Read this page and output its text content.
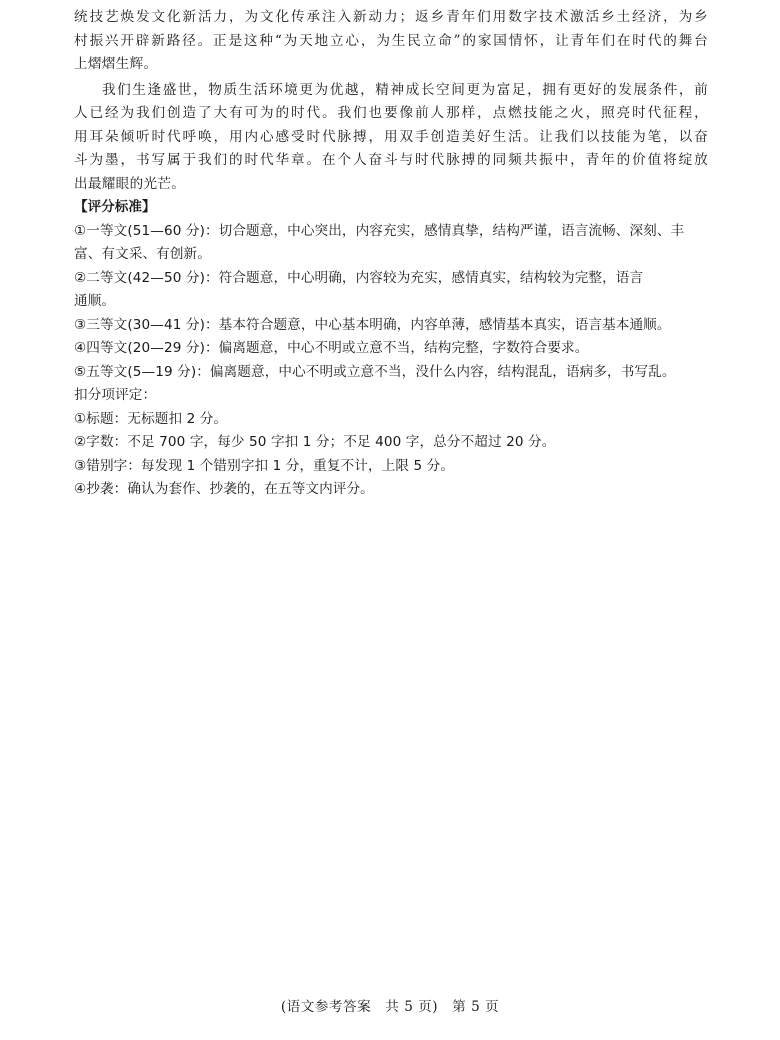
统技艺焕发文化新活力，为文化传承注入新动力；返乡青年们用数字技术激活乡土经济，为乡
村振兴开辟新路径。正是这种“为天地立心，为生民立命”的家国情怀，让青年们在时代的舞台
上熠熠生辉。

我们生逢盛世，物质生活环境更为优越，精神成长空间更为富足，拥有更好的发展条件，前
人已经为我们创造了大有可为的时代。我们也要像前人那样，点燃技能之火，照亮时代征程，
用耳朵倾听时代呼唤，用内心感受时代脉搏，用双手创造美好生活。让我们以技能为笔，以奋
斗为墨，书写属于我们的时代华章。在个人奋斗与时代脉搏的同频共振中，青年的价值将绽放
出最耀眼的光芒。

【评分标准】

①一等文(51—60 分)：切合题意，中心突出，内容充实，感情真挚，结构严谨，语言流畅、深刻、丰
富、有文采、有创新。
②二等文(42—50 分)：符合题意，中心明确，内容较为充实，感情真实，结构较为完整，语言
通顺。
③三等文(30—41 分)：基本符合题意，中心基本明确，内容单薄，感情基本真实，语言基本通顺。
④四等文(20—29 分)：偏离题意，中心不明或立意不当，结构完整，字数符合要求。
⑤五等文(5—19 分)：偏离题意，中心不明或立意不当，没什么内容，结构混乱，语病多，书写乱。
扣分项评定：
①标题：无标题扣 2 分。
②字数：不足 700 字，每少 50 字扣 1 分；不足 400 字，总分不超过 20 分。
③错别字：每发现 1 个错别字扣 1 分，重复不计，上限 5 分。
④抄袭：确认为套作、抄袭的，在五等文内评分。
(语文参考答案　共 5 页)　第 5 页
